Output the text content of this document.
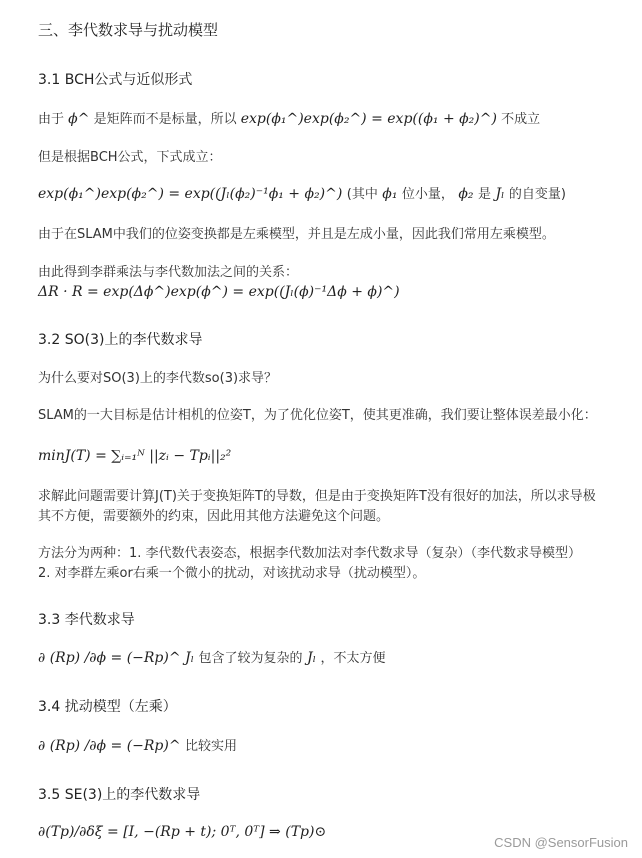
三、李代数求导与扰动模型
3.1 BCH公式与近似形式
由于 ϕ^ 是矩阵而不是标量，所以 exp(ϕ₁^)exp(ϕ₂^) = exp((ϕ₁ + ϕ₂)^) 不成立
但是根据BCH公式，下式成立：
exp(ϕ₁^)exp(ϕ₂^) = exp((Jₗ(ϕ₂)⁻¹ϕ₁ + ϕ₂)^) (其中 ϕ₁ 位小量， ϕ₂ 是 Jₗ 的自变量)
由于在SLAM中我们的位姿变换都是左乘模型，并且是左成小量，因此我们常用左乘模型。
由此得到李群乘法与李代数加法之间的关系：
ΔR · R = exp(Δϕ^)exp(ϕ^) = exp((Jₗ(ϕ)⁻¹Δϕ + ϕ)^)
3.2 SO(3)上的李代数求导
为什么要对SO(3)上的李代数so(3)求导？
SLAM的一大目标是估计相机的位姿T，为了优化位姿T，使其更准确，我们要让整体误差最小化：
minJ(T) = ∑ᵢ₌₁ᴺ ||zᵢ − Tpᵢ||₂²
求解此问题需要计算J(T)关于变换矩阵T的导数，但是由于变换矩阵T没有很好的加法，所以求导极其不方便，需要额外的约束，因此用其他方法避免这个问题。
方法分为两种：1. 李代数代表姿态，根据李代数加法对李代数求导（复杂）（李代数求导模型）
2. 对李群左乘or右乘一个微小的扰动，对该扰动求导（扰动模型）。
3.3 李代数求导
∂ (Rp) /∂ϕ = (−Rp)^ Jₗ 包含了较为复杂的 Jₗ ，不太方便
3.4 扰动模型（左乘）
∂ (Rp) /∂ϕ = (−Rp)^ 比较实用
3.5 SE(3)上的李代数求导
∂(Tp)/∂δξ = [I, −(Rp + t); 0ᵀ, 0ᵀ] ⇒ (Tp)⊙
CSDN @SensorFusion
